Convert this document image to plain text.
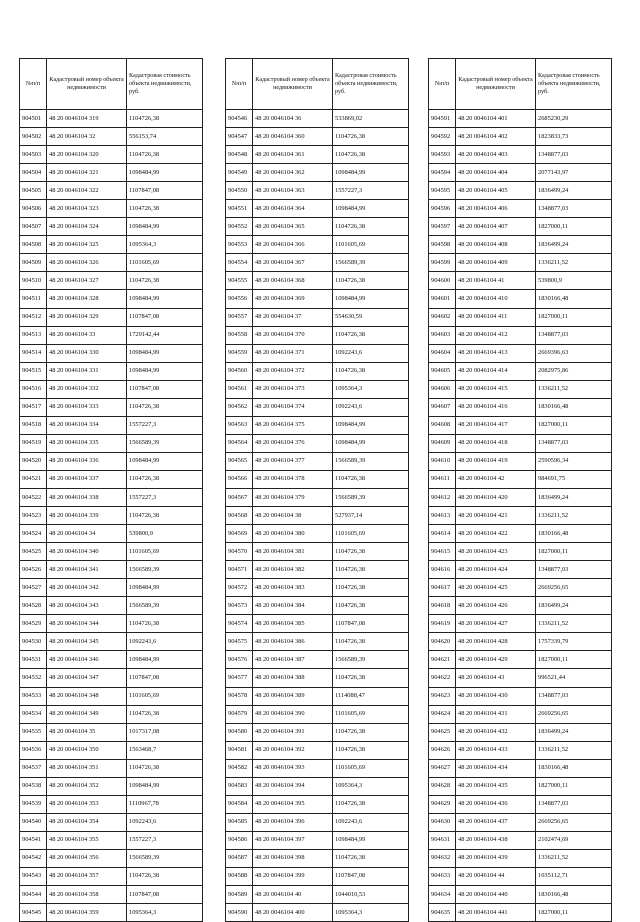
№п/п	Кадастровый номер объекта недвижимости	Кадастровая стоимость объекта недвижимости, руб.
904501	48 20 0046104 319	1104726,38
904502	48 20 0046104 32	556153,74
904503	48 20 0046104 320	1104726,38
904504	48 20 0046104 321	1098484,99
904505	48 20 0046104 322	1107847,08
904506	48 20 0046104 323	1104726,38
904507	48 20 0046104 324	1098484,99
904508	48 20 0046104 325	1095364,3
904509	48 20 0046104 326	1101605,69
904510	48 20 0046104 327	1104726,38
904511	48 20 0046104 328	1098484,99
904512	48 20 0046104 329	1107847,08
904513	48 20 0046104 33	1729142,44
904514	48 20 0046104 330	1098484,99
904515	48 20 0046104 331	1098484,99
904516	48 20 0046104 332	1107847,08
904517	48 20 0046104 333	1104726,38
904518	48 20 0046104 334	1557227,3
904519	48 20 0046104 335	1566589,39
904520	48 20 0046104 336	1098484,99
904521	48 20 0046104 337	1104726,38
904522	48 20 0046104 338	1557227,3
904523	48 20 0046104 339	1104726,38
904524	48 20 0046104 34	539800,9
904525	48 20 0046104 340	1101605,69
904526	48 20 0046104 341	1566589,39
904527	48 20 0046104 342	1098484,99
904528	48 20 0046104 343	1566589,39
904529	48 20 0046104 344	1104726,38
904530	48 20 0046104 345	1092243,6
904531	48 20 0046104 346	1098484,99
904532	48 20 0046104 347	1107847,08
904533	48 20 0046104 348	1101605,69
904534	48 20 0046104 349	1104726,38
904535	48 20 0046104 35	1017317,08
904536	48 20 0046104 350	1563468,7
904537	48 20 0046104 351	1104726,38
904538	48 20 0046104 352	1098484,99
904539	48 20 0046104 353	1110967,78
904540	48 20 0046104 354	1092243,6
904541	48 20 0046104 355	1557227,3
904542	48 20 0046104 356	1566589,39
904543	48 20 0046104 357	1104726,38
904544	48 20 0046104 358	1107847,08
904545	48 20 0046104 359	1095364,3
№п/п	Кадастровый номер объекта недвижимости	Кадастровая стоимость объекта недвижимости, руб.
904546	48 20 0046104 36	533869,02
904547	48 20 0046104 360	1104726,38
904548	48 20 0046104 361	1104726,38
904549	48 20 0046104 362	1098484,99
904550	48 20 0046104 363	1557227,3
904551	48 20 0046104 364	1098484,99
904552	48 20 0046104 365	1104726,38
904553	48 20 0046104 366	1101605,69
904554	48 20 0046104 367	1566589,39
904555	48 20 0046104 368	1104726,38
904556	48 20 0046104 369	1098484,99
904557	48 20 0046104 37	554630,59
904558	48 20 0046104 370	1104726,38
904559	48 20 0046104 371	1092243,6
904560	48 20 0046104 372	1104726,38
904561	48 20 0046104 373	1095364,3
904562	48 20 0046104 374	1092243,6
904563	48 20 0046104 375	1098484,99
904564	48 20 0046104 376	1098484,99
904565	48 20 0046104 377	1566589,39
904566	48 20 0046104 378	1104726,38
904567	48 20 0046104 379	1566589,39
904568	48 20 0046104 38	527937,14
904569	48 20 0046104 380	1101605,69
904570	48 20 0046104 381	1104726,38
904571	48 20 0046104 382	1104726,38
904572	48 20 0046104 383	1104726,38
904573	48 20 0046104 384	1104726,38
904574	48 20 0046104 385	1107847,08
904575	48 20 0046104 386	1104726,38
904576	48 20 0046104 387	1566589,39
904577	48 20 0046104 388	1104726,38
904578	48 20 0046104 389	1114088,47
904579	48 20 0046104 390	1101605,69
904580	48 20 0046104 391	1104726,38
904581	48 20 0046104 392	1104726,38
904582	48 20 0046104 393	1101605,69
904583	48 20 0046104 394	1095364,3
904584	48 20 0046104 395	1104726,38
904585	48 20 0046104 396	1092243,6
904586	48 20 0046104 397	1098484,99
904587	48 20 0046104 398	1104726,38
904588	48 20 0046104 399	1107847,08
904589	48 20 0046104 40	1044010,53
904590	48 20 0046104 400	1095364,3
№п/п	Кадастровый номер объекта недвижимости	Кадастровая стоимость объекта недвижимости, руб.
904591	48 20 0046104 401	2685230,29
904592	48 20 0046104 402	1823833,73
904593	48 20 0046104 403	1348877,03
904594	48 20 0046104 404	2077143,97
904595	48 20 0046104 405	1836499,24
904596	48 20 0046104 406	1348877,03
904597	48 20 0046104 407	1827000,11
904598	48 20 0046104 408	1836499,24
904599	48 20 0046104 409	1336211,52
904600	48 20 0046104 41	539800,9
904601	48 20 0046104 410	1830166,48
904602	48 20 0046104 411	1827000,11
904603	48 20 0046104 412	1348877,03
904604	48 20 0046104 413	2669396,63
904605	48 20 0046104 414	2082975,86
904606	48 20 0046104 415	1336211,52
904607	48 20 0046104 416	1830166,48
904608	48 20 0046104 417	1827000,11
904609	48 20 0046104 418	1348877,03
904610	48 20 0046104 419	2590596,34
904611	48 20 0046104 42	984691,75
904612	48 20 0046104 420	1836499,24
904613	48 20 0046104 421	1336211,52
904614	48 20 0046104 422	1830166,48
904615	48 20 0046104 423	1827000,11
904616	48 20 0046104 424	1348877,03
904617	48 20 0046104 425	2669256,65
904618	48 20 0046104 426	1836499,24
904619	48 20 0046104 427	1336211,52
904620	48 20 0046104 428	1757339,79
904621	48 20 0046104 429	1827000,11
904622	48 20 0046104 43	996521,44
904623	48 20 0046104 430	1348877,03
904624	48 20 0046104 431	2669256,65
904625	48 20 0046104 432	1836499,24
904626	48 20 0046104 433	1336211,52
904627	48 20 0046104 434	1830166,48
904628	48 20 0046104 435	1827000,11
904629	48 20 0046104 436	1348877,03
904630	48 20 0046104 437	2669256,65
904631	48 20 0046104 438	2102474,69
904632	48 20 0046104 439	1336211,52
904633	48 20 0046104 44	1035112,71
904634	48 20 0046104 440	1830166,48
904635	48 20 0046104 441	1827000,11
